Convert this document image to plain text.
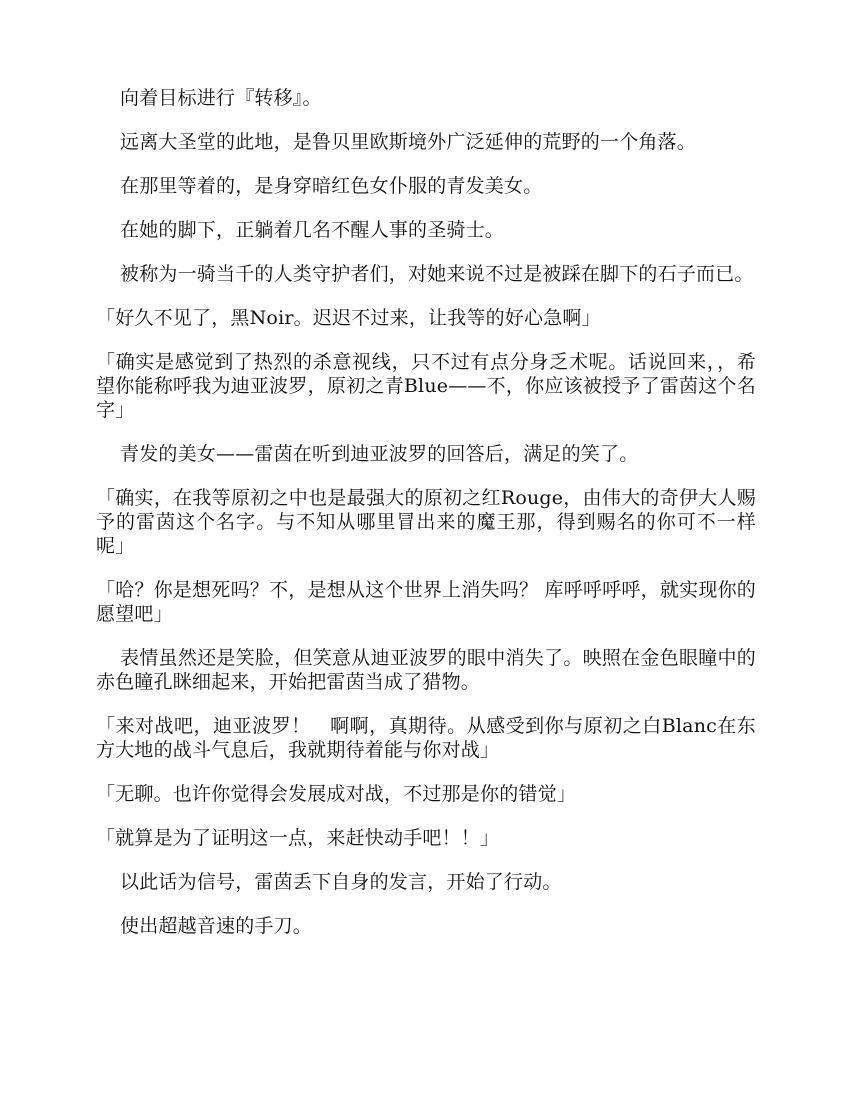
向着目标进行『转移』。

远离大圣堂的此地，是鲁贝里欧斯境外广泛延伸的荒野的一个角落。

在那里等着的，是身穿暗红色女仆服的青发美女。

在她的脚下，正躺着几名不醒人事的圣骑士。

被称为一骑当千的人类守护者们，对她来说不过是被踩在脚下的石子而已。

「好久不见了，黑Noir。迟迟不过来，让我等的好心急啊」

「确实是感觉到了热烈的杀意视线，只不过有点分身乏术呢。话说回来，，希望你能称呼我为迪亚波罗，原初之青Blue——不，你应该被授予了雷茵这个名字」

青发的美女——雷茵在听到迪亚波罗的回答后，满足的笑了。

「确实，在我等原初之中也是最强大的原初之红Rouge，由伟大的奇伊大人赐予的雷茵这个名字。与不知从哪里冒出来的魔王那，得到赐名的你可不一样呢」

「哈？你是想死吗？不，是想从这个世界上消失吗？ 库呼呼呼呼，就实现你的愿望吧」

表情虽然还是笑脸，但笑意从迪亚波罗的眼中消失了。映照在金色眼瞳中的赤色瞳孔眯细起来，开始把雷茵当成了猎物。

「来对战吧，迪亚波罗！　啊啊，真期待。从感受到你与原初之白Blanc在东方大地的战斗气息后，我就期待着能与你对战」

「无聊。也许你觉得会发展成对战，不过那是你的错觉」

「就算是为了证明这一点，来赶快动手吧！！」

以此话为信号，雷茵丢下自身的发言，开始了行动。

使出超越音速的手刀。
